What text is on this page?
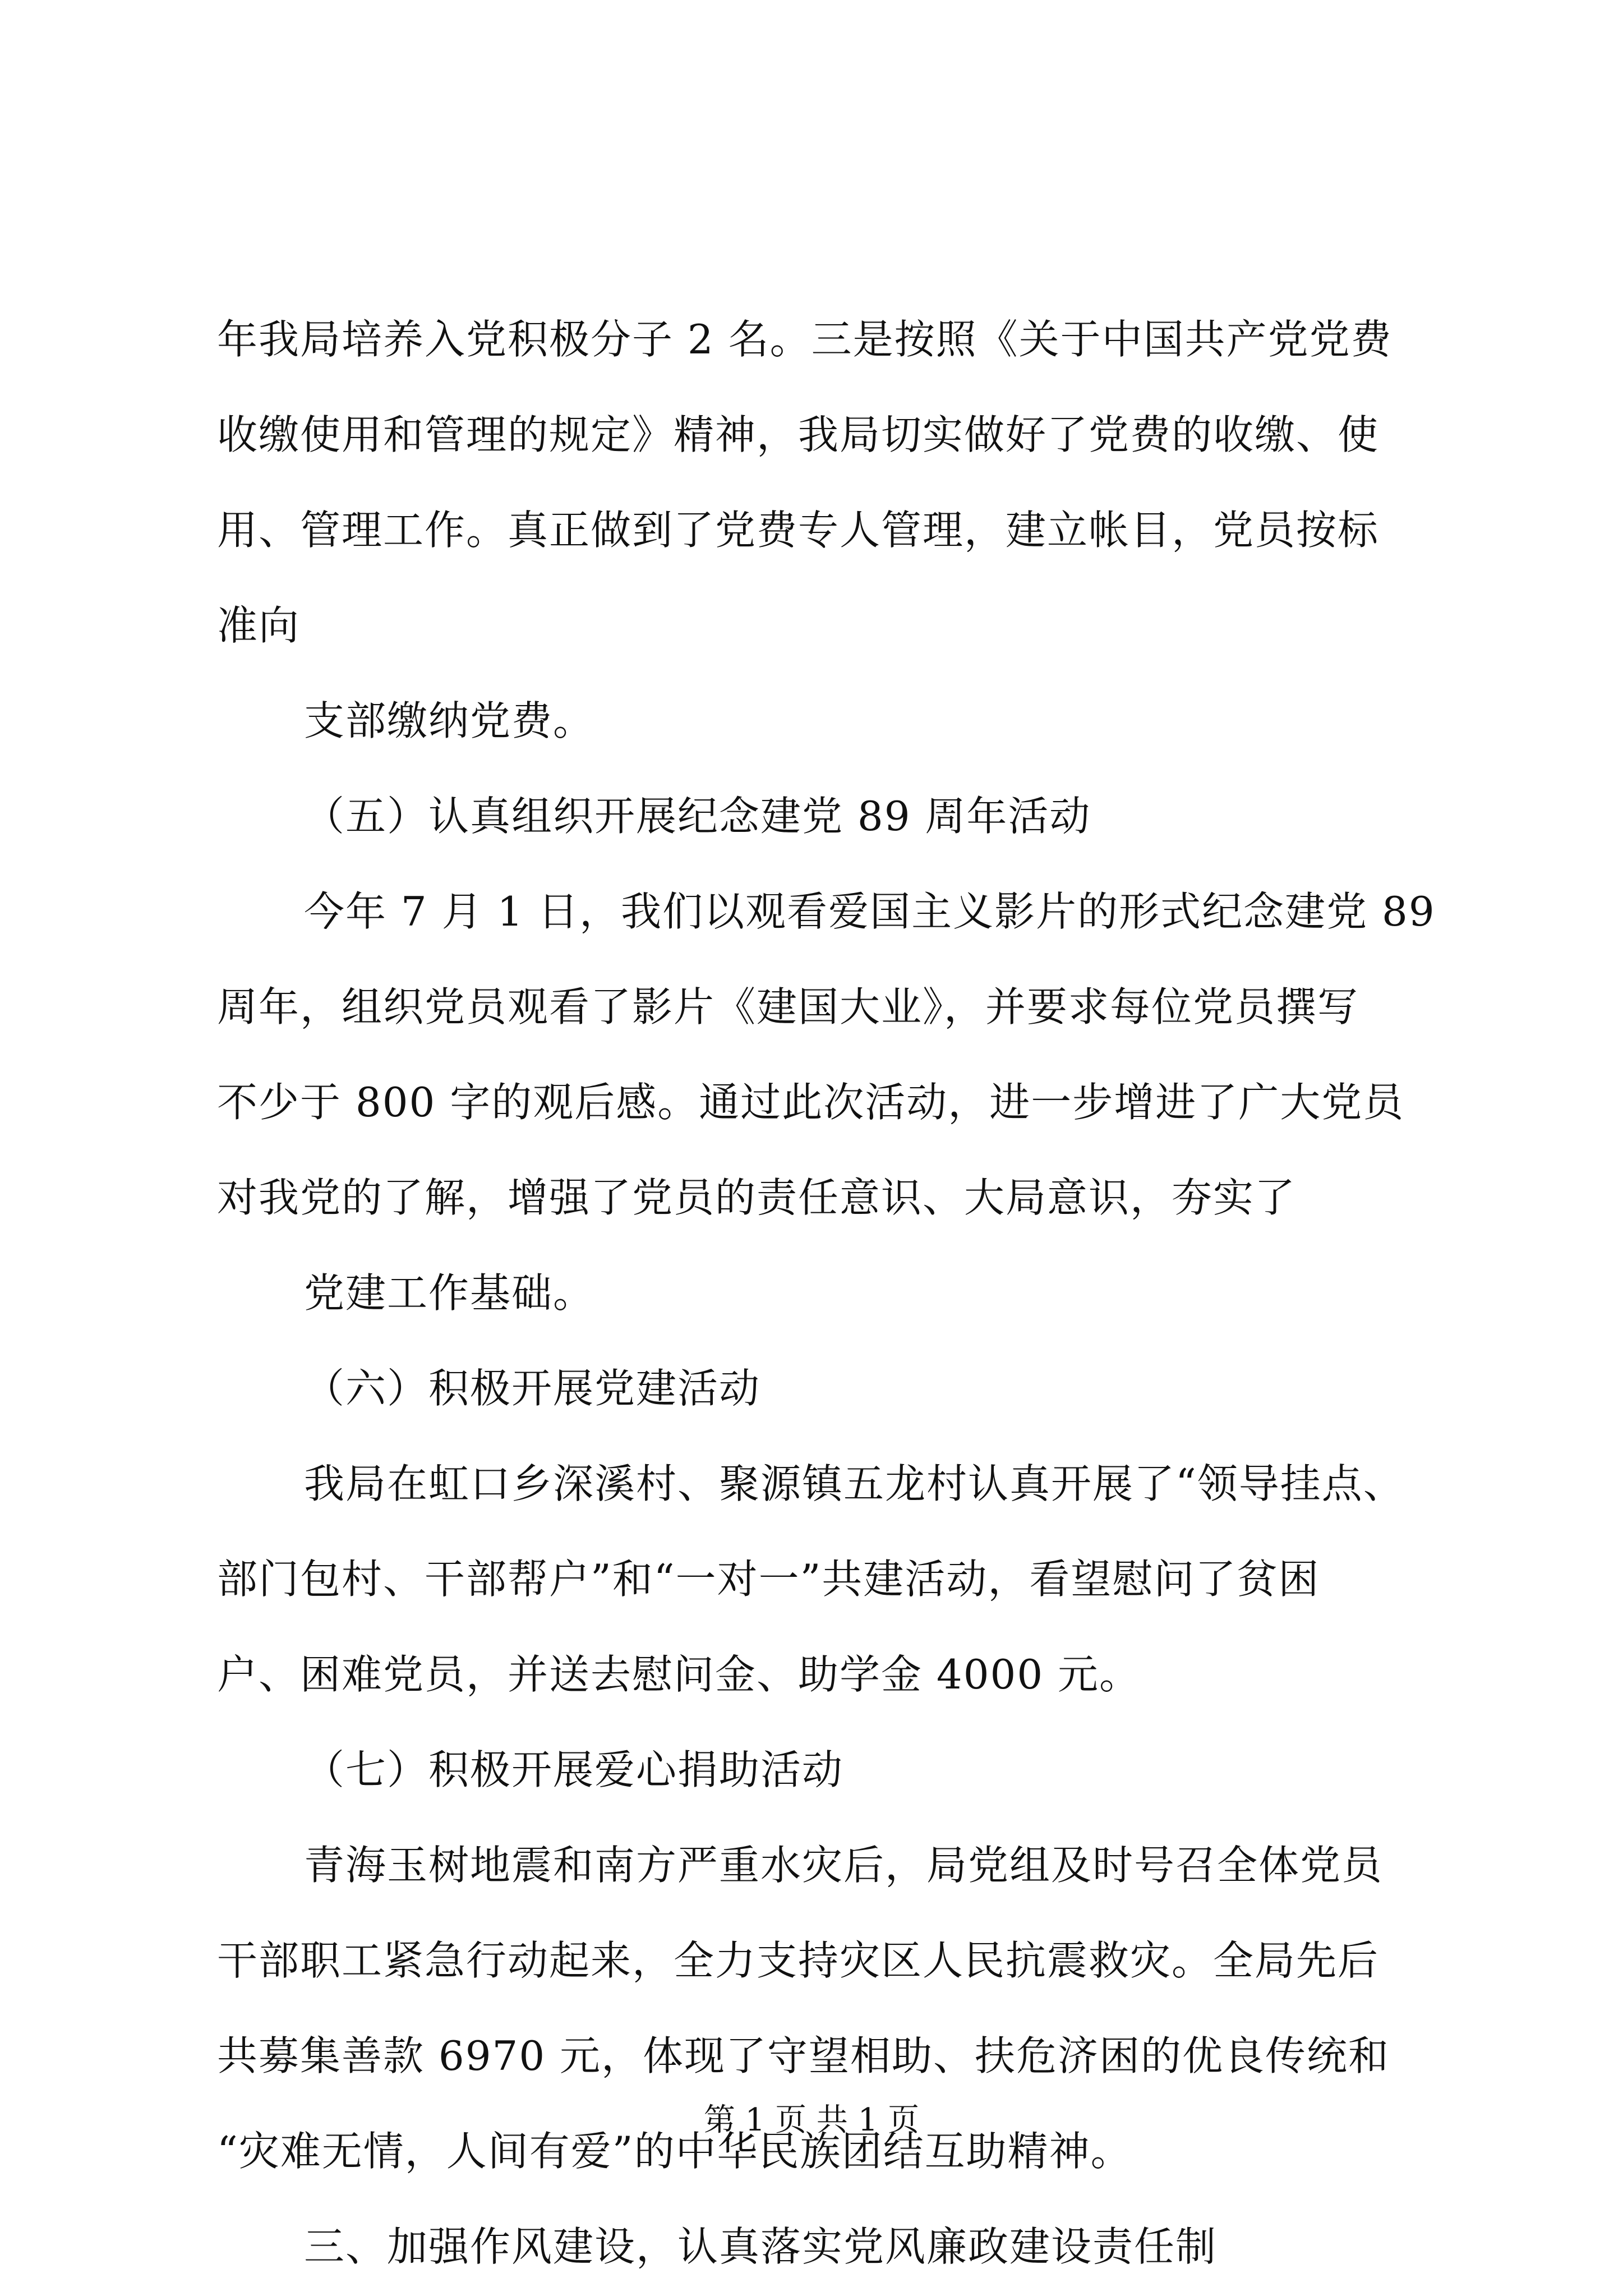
年我局培养入党积极分子 2 名。三是按照《关于中国共产党党费
收缴使用和管理的规定》精神，我局切实做好了党费的收缴、使
用、管理工作。真正做到了党费专人管理，建立帐目，党员按标
准向
支部缴纳党费。
（五）认真组织开展纪念建党 89 周年活动
今年 7 月 1 日，我们以观看爱国主义影片的形式纪念建党 89
周年，组织党员观看了影片《建国大业》，并要求每位党员撰写
不少于 800 字的观后感。通过此次活动，进一步增进了广大党员
对我党的了解，增强了党员的责任意识、大局意识，夯实了
党建工作基础。
（六）积极开展党建活动
我局在虹口乡深溪村、聚源镇五龙村认真开展了“领导挂点、
部门包村、干部帮户”和“一对一”共建活动，看望慰问了贫困
户、困难党员，并送去慰问金、助学金 4000 元。
（七）积极开展爱心捐助活动
青海玉树地震和南方严重水灾后，局党组及时号召全体党员
干部职工紧急行动起来，全力支持灾区人民抗震救灾。全局先后
共募集善款 6970 元，体现了守望相助、扶危济困的优良传统和
“灾难无情，人间有爱”的中华民族团结互助精神。
三、加强作风建设，认真落实党风廉政建设责任制
第 1 页 共 1 页
